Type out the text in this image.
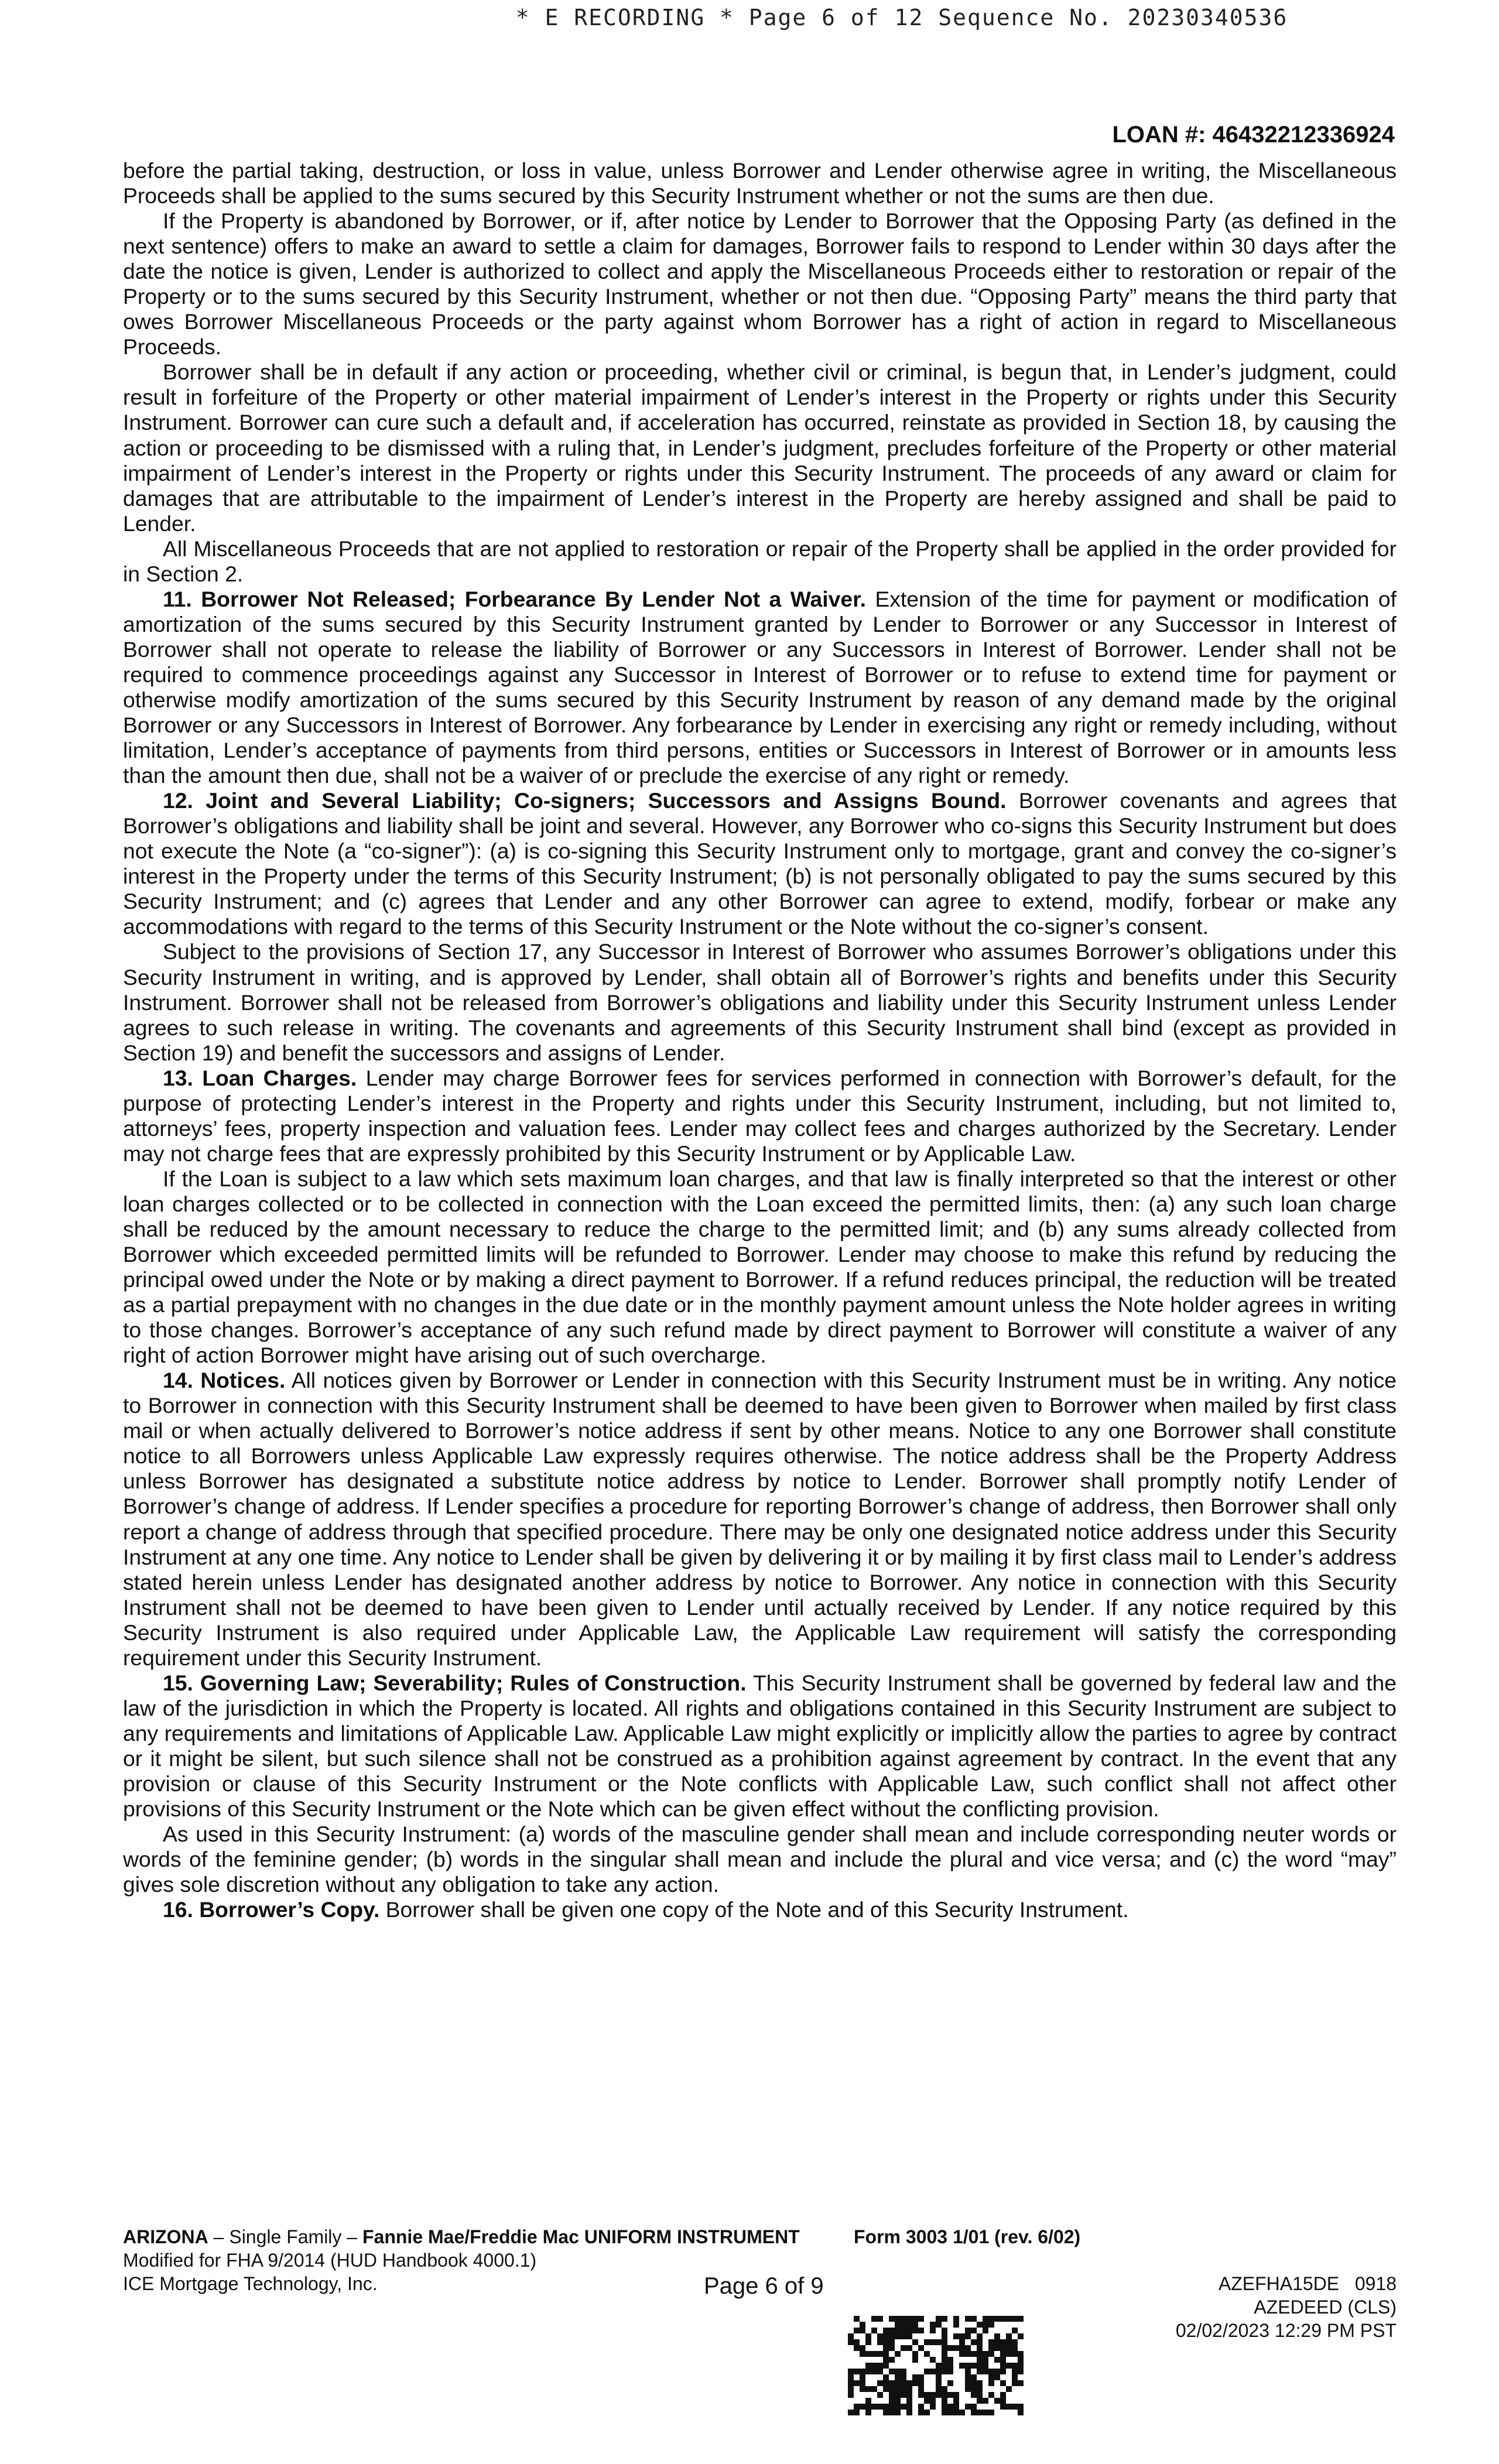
* E RECORDING * Page 6 of 12 Sequence No. 20230340536
LOAN #: 46432212336924

before the partial taking, destruction, or loss in value, unless Borrower and Lender otherwise agree in writing, the Miscellaneous Proceeds shall be applied to the sums secured by this Security Instrument whether or not the sums are then due.

If the Property is abandoned by Borrower, or if, after notice by Lender to Borrower that the Opposing Party (as defined in the next sentence) offers to make an award to settle a claim for damages, Borrower fails to respond to Lender within 30 days after the date the notice is given, Lender is authorized to collect and apply the Miscellaneous Proceeds either to restoration or repair of the Property or to the sums secured by this Security Instrument, whether or not then due. “Opposing Party” means the third party that owes Borrower Miscellaneous Proceeds or the party against whom Borrower has a right of action in regard to Miscellaneous Proceeds.

Borrower shall be in default if any action or proceeding, whether civil or criminal, is begun that, in Lender’s judgment, could result in forfeiture of the Property or other material impairment of Lender’s interest in the Property or rights under this Security Instrument. Borrower can cure such a default and, if acceleration has occurred, reinstate as provided in Section 18, by causing the action or proceeding to be dismissed with a ruling that, in Lender’s judgment, precludes forfeiture of the Property or other material impairment of Lender’s interest in the Property or rights under this Security Instrument. The proceeds of any award or claim for damages that are attributable to the impairment of Lender’s interest in the Property are hereby assigned and shall be paid to Lender.

All Miscellaneous Proceeds that are not applied to restoration or repair of the Property shall be applied in the order provided for in Section 2.

11. Borrower Not Released; Forbearance By Lender Not a Waiver. Extension of the time for payment or modification of amortization of the sums secured by this Security Instrument granted by Lender to Borrower or any Successor in Interest of Borrower shall not operate to release the liability of Borrower or any Successors in Interest of Borrower. Lender shall not be required to commence proceedings against any Successor in Interest of Borrower or to refuse to extend time for payment or otherwise modify amortization of the sums secured by this Security Instrument by reason of any demand made by the original Borrower or any Successors in Interest of Borrower. Any forbearance by Lender in exercising any right or remedy including, without limitation, Lender’s acceptance of payments from third persons, entities or Successors in Interest of Borrower or in amounts less than the amount then due, shall not be a waiver of or preclude the exercise of any right or remedy.

12. Joint and Several Liability; Co-signers; Successors and Assigns Bound. Borrower covenants and agrees that Borrower’s obligations and liability shall be joint and several. However, any Borrower who co-signs this Security Instrument but does not execute the Note (a “co-signer”): (a) is co-signing this Security Instrument only to mortgage, grant and convey the co-signer’s interest in the Property under the terms of this Security Instrument; (b) is not personally obligated to pay the sums secured by this Security Instrument; and (c) agrees that Lender and any other Borrower can agree to extend, modify, forbear or make any accommodations with regard to the terms of this Security Instrument or the Note without the co-signer’s consent.

Subject to the provisions of Section 17, any Successor in Interest of Borrower who assumes Borrower’s obligations under this Security Instrument in writing, and is approved by Lender, shall obtain all of Borrower’s rights and benefits under this Security Instrument. Borrower shall not be released from Borrower’s obligations and liability under this Security Instrument unless Lender agrees to such release in writing. The covenants and agreements of this Security Instrument shall bind (except as provided in Section 19) and benefit the successors and assigns of Lender.

13. Loan Charges. Lender may charge Borrower fees for services performed in connection with Borrower’s default, for the purpose of protecting Lender’s interest in the Property and rights under this Security Instrument, including, but not limited to, attorneys’ fees, property inspection and valuation fees. Lender may collect fees and charges authorized by the Secretary. Lender may not charge fees that are expressly prohibited by this Security Instrument or by Applicable Law.

If the Loan is subject to a law which sets maximum loan charges, and that law is finally interpreted so that the interest or other loan charges collected or to be collected in connection with the Loan exceed the permitted limits, then: (a) any such loan charge shall be reduced by the amount necessary to reduce the charge to the permitted limit; and (b) any sums already collected from Borrower which exceeded permitted limits will be refunded to Borrower. Lender may choose to make this refund by reducing the principal owed under the Note or by making a direct payment to Borrower. If a refund reduces principal, the reduction will be treated as a partial prepayment with no changes in the due date or in the monthly payment amount unless the Note holder agrees in writing to those changes. Borrower’s acceptance of any such refund made by direct payment to Borrower will constitute a waiver of any right of action Borrower might have arising out of such overcharge.

14. Notices. All notices given by Borrower or Lender in connection with this Security Instrument must be in writing. Any notice to Borrower in connection with this Security Instrument shall be deemed to have been given to Borrower when mailed by first class mail or when actually delivered to Borrower’s notice address if sent by other means. Notice to any one Borrower shall constitute notice to all Borrowers unless Applicable Law expressly requires otherwise. The notice address shall be the Property Address unless Borrower has designated a substitute notice address by notice to Lender. Borrower shall promptly notify Lender of Borrower’s change of address. If Lender specifies a procedure for reporting Borrower’s change of address, then Borrower shall only report a change of address through that specified procedure. There may be only one designated notice address under this Security Instrument at any one time. Any notice to Lender shall be given by delivering it or by mailing it by first class mail to Lender’s address stated herein unless Lender has designated another address by notice to Borrower. Any notice in connection with this Security Instrument shall not be deemed to have been given to Lender until actually received by Lender. If any notice required by this Security Instrument is also required under Applicable Law, the Applicable Law requirement will satisfy the corresponding requirement under this Security Instrument.

15. Governing Law; Severability; Rules of Construction. This Security Instrument shall be governed by federal law and the law of the jurisdiction in which the Property is located. All rights and obligations contained in this Security Instrument are subject to any requirements and limitations of Applicable Law. Applicable Law might explicitly or implicitly allow the parties to agree by contract or it might be silent, but such silence shall not be construed as a prohibition against agreement by contract. In the event that any provision or clause of this Security Instrument or the Note conflicts with Applicable Law, such conflict shall not affect other provisions of this Security Instrument or the Note which can be given effect without the conflicting provision.

As used in this Security Instrument: (a) words of the masculine gender shall mean and include corresponding neuter words or words of the feminine gender; (b) words in the singular shall mean and include the plural and vice versa; and (c) the word “may” gives sole discretion without any obligation to take any action.

16. Borrower’s Copy. Borrower shall be given one copy of the Note and of this Security Instrument.

ARIZONA – Single Family – Fannie Mae/Freddie Mac UNIFORM INSTRUMENT	Form 3003 1/01 (rev. 6/02)
Modified for FHA 9/2014 (HUD Handbook 4000.1)
ICE Mortgage Technology, Inc.	Page 6 of 9	AZEFHA15DE   0918
AZEDEED (CLS)
02/02/2023 12:29 PM PST
